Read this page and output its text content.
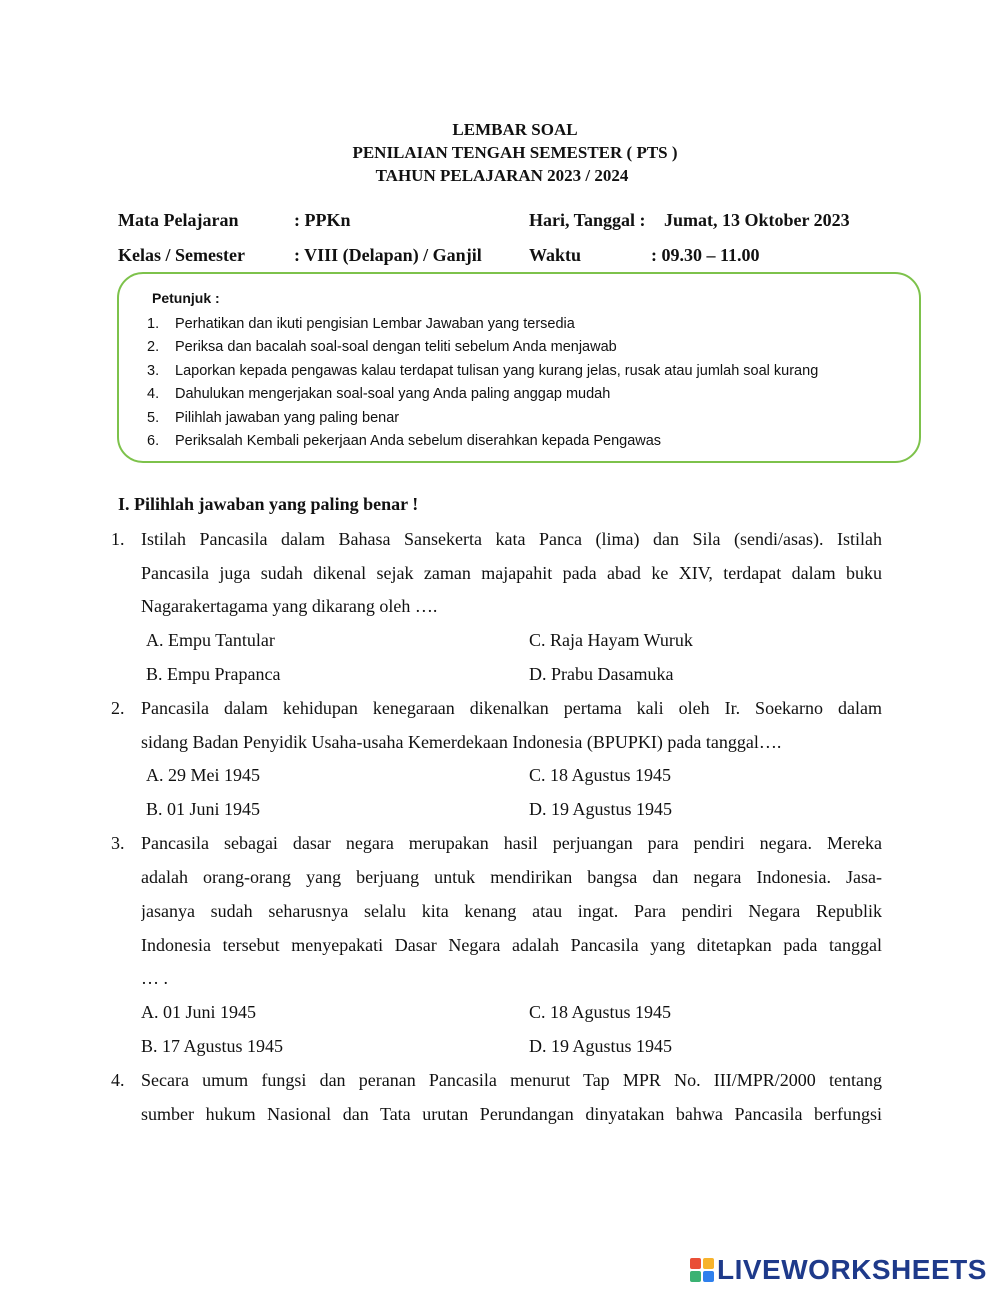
LEMBAR SOAL
PENILAIAN TENGAH SEMESTER ( PTS )
TAHUN PELAJARAN 2023 / 2024
Mata Pelajaran	: PPKn	Hari, Tanggal : Jumat, 13 Oktober 2023
Kelas / Semester	: VIII (Delapan) / Ganjil	Waktu	: 09.30 – 11.00
Petunjuk :
1. Perhatikan dan ikuti pengisian Lembar Jawaban yang tersedia
2. Periksa dan bacalah soal-soal dengan teliti sebelum Anda menjawab
3. Laporkan kepada pengawas kalau terdapat tulisan yang kurang jelas, rusak atau jumlah soal kurang
4. Dahulukan mengerjakan soal-soal yang Anda paling anggap mudah
5. Pilihlah jawaban yang paling benar
6. Periksalah Kembali pekerjaan Anda sebelum diserahkan kepada Pengawas
I. Pilihlah jawaban yang paling benar !
1. Istilah Pancasila dalam Bahasa Sansekerta kata Panca (lima) dan Sila (sendi/asas). Istilah
Pancasila juga sudah dikenal sejak zaman majapahit pada abad ke XIV, terdapat dalam buku
Nagarakertagama yang dikarang oleh ….
A. Empu Tantular
B. Empu Prapanca
C. Raja Hayam Wuruk
D. Prabu Dasamuka
2. Pancasila dalam kehidupan kenegaraan dikenalkan pertama kali oleh Ir. Soekarno dalam
sidang Badan Penyidik Usaha-usaha Kemerdekaan Indonesia (BPUPKI) pada tanggal….
A. 29 Mei 1945
B. 01 Juni 1945
C. 18 Agustus 1945
D. 19 Agustus 1945
3. Pancasila sebagai dasar negara merupakan hasil perjuangan para pendiri negara. Mereka
adalah orang-orang yang berjuang untuk mendirikan bangsa dan negara Indonesia. Jasa-
jasanya sudah seharusnya selalu kita kenang atau ingat. Para pendiri Negara Republik
Indonesia tersebut menyepakati Dasar Negara adalah Pancasila yang ditetapkan pada tanggal
… .
A. 01 Juni 1945
B. 17 Agustus 1945
C. 18 Agustus 1945
D. 19 Agustus 1945
4. Secara umum fungsi dan peranan Pancasila menurut Tap MPR No. III/MPR/2000 tentang
sumber hukum Nasional dan Tata urutan Perundangan dinyatakan bahwa Pancasila berfungsi
LIVEWORKSHEETS
